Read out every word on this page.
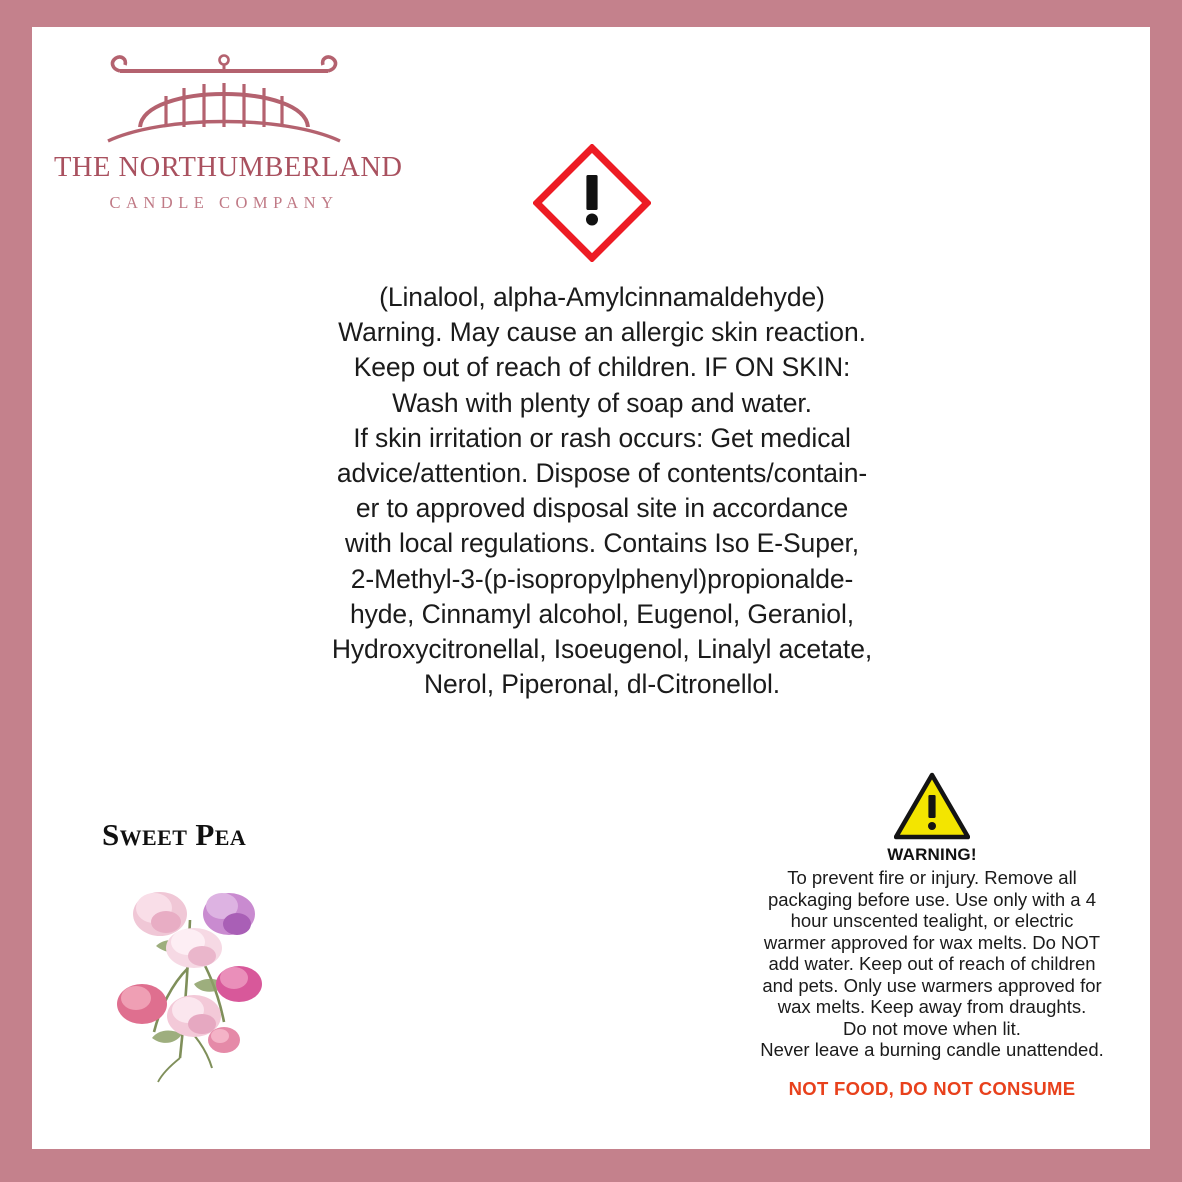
THE NORTHUMBERLAND
CANDLE COMPANY
(Linalool, alpha-Amylcinnamaldehyde)
Warning. May cause an allergic skin reaction.
Keep out of reach of children. IF ON SKIN:
Wash with plenty of soap and water.
If skin irritation or rash occurs: Get medical
advice/attention. Dispose of contents/contain-
er to approved disposal site in accordance
with local regulations. Contains Iso E-Super,
2-Methyl-3-(p-isopropylphenyl)propionalde-
hyde, Cinnamyl alcohol, Eugenol, Geraniol,
Hydroxycitronellal, Isoeugenol, Linalyl acetate,
Nerol, Piperonal, dl-Citronellol.
Sweet Pea
WARNING!
To prevent fire or injury. Remove all
packaging before use. Use only with a 4
hour unscented tealight, or electric
warmer approved for wax melts. Do NOT
add water. Keep out of reach of children
and pets. Only use warmers approved for
wax melts. Keep away from draughts.
Do not move when lit.
Never leave a burning candle unattended.
NOT FOOD, DO NOT CONSUME
